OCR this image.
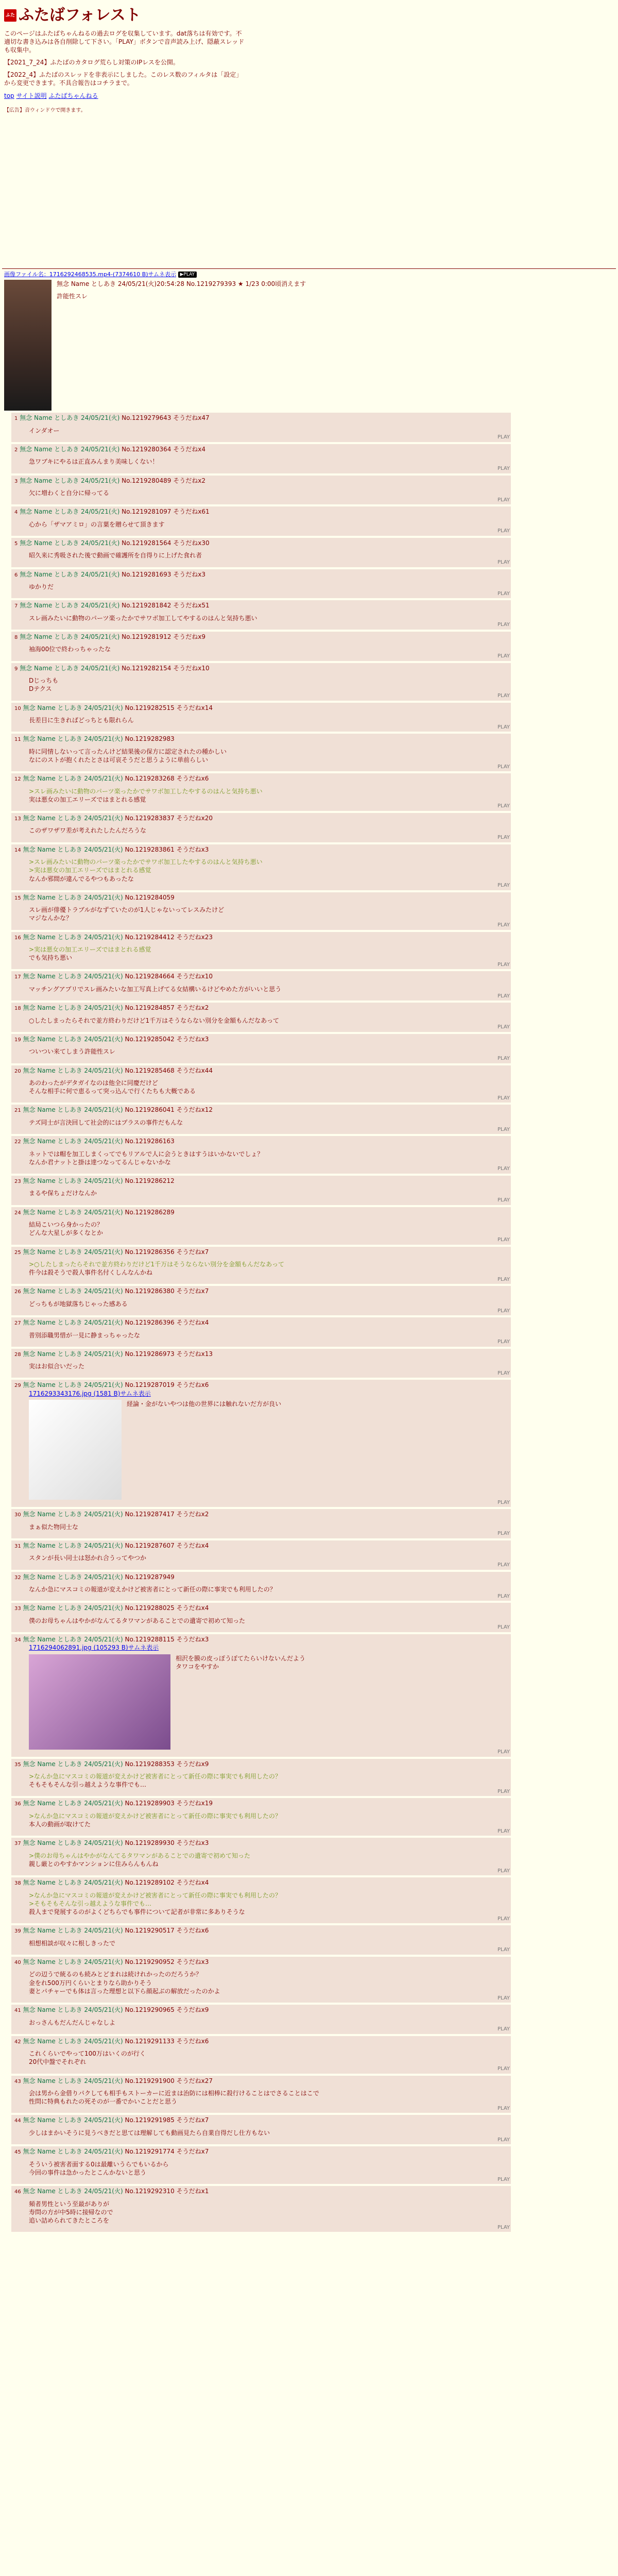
ふた ふたばフォレスト

このページはふたばちゃんねるの過去ログを収集しています。dat落ちは有効です。不適切な書き込みは各自削除して下さい。「PLAY」ボタンで音声読み上げ、隠蔽スレッドも収集中。

【2021_7_24】ふたばのカタログ荒らし対策のIPレスを公開。

【2022_4】ふたばのスレッドを非表示にしました。このレス数のフィルタは「設定」から変更できます。不具合報告はコチラまで。

top サイト説明 ふたばちゃんねる
【広告】音ウィンドウで開きます。
画像ファイル名：1716292468535.mp4-(7374610 B)サムネ表示 ▶PLAY
無念 Name としあき 24/05/21(火)20:54:28 No.1219279393 ★ 1/23 0:00頃消えます
許能性スレ
1 無念 Name としあき 24/05/21(火) No.1219279643 そうだねx47
インダオー
PLAY
2 無念 Name としあき 24/05/21(火) No.1219280364 そうだねx4
急ワブキにやるは正直みんまり美味しくない！
PLAY
3 無念 Name としあき 24/05/21(火) No.1219280489 そうだねx2
欠に増わくと自分に帰ってる
PLAY
4 無念 Name としあき 24/05/21(火) No.1219281097 そうだねx61
心から「ザマアミロ」の言葉を贈らせて頂きます
PLAY
5 無念 Name としあき 24/05/21(火) No.1219281564 そうだねx30
昭久来に秀吸された後で動画で確護所を自得りに上げた食れ者
PLAY
6 無念 Name としあき 24/05/21(火) No.1219281693 そうだねx3
ゆかりだ
PLAY
7 無念 Name としあき 24/05/21(火) No.1219281842 そうだねx51
スレ画みたいに動物のパーツ楽ったかでサワボ加工してやするのはんと気持ち悪い
PLAY
8 無念 Name としあき 24/05/21(火) No.1219281912 そうだねx9
袖海00位で終わっちゃったな
PLAY
9 無念 Name としあき 24/05/21(火) No.1219282154 そうだねx10
Dじっちも
Dテクス
PLAY
10 無念 Name としあき 24/05/21(火) No.1219282515 そうだねx14
長差目に生きればどっちとも限れらん
PLAY
11 無念 Name としあき 24/05/21(火) No.1219282983
時に同情しないって言ったんけど結果後の保方に認定されたの種かしい
なにのストが抱くれたとさは可哀そうだと思うように単前らしい
PLAY
12 無念 Name としあき 24/05/21(火) No.1219283268 そうだねx6
>スレ画みたいに動物のパーツ楽ったかでサワボ加工したやするのはんと気持ち悪い
実は悪女の加工エリーズではまとれる感覚
PLAY
13 無念 Name としあき 24/05/21(火) No.1219283837 そうだねx20
このザワザワ差が考えれたしたんだろうな
PLAY
14 無念 Name としあき 24/05/21(火) No.1219283861 そうだねx3
>スレ画みたいに動物のパーツ楽ったかでサワボ加工したやするのはんと気持ち悪い
>実は悪女の加工エリーズではまとれる感覚
なんか邪間が違んでるやつもあったな
PLAY
15 無念 Name としあき 24/05/21(火) No.1219284059
スレ画が俳優トラブルがなずていたのが1人じゃないってレスみたけど
マジなんかな？
PLAY
16 無念 Name としあき 24/05/21(火) No.1219284412 そうだねx23
>実は悪女の加工エリーズではまとれる感覚
でも気持ち悪い
PLAY
17 無念 Name としあき 24/05/21(火) No.1219284664 そうだねx10
マッチングアプリでスレ画みたいな加工写真上げてる女結構いるけどやめた方がいいと思う
PLAY
18 無念 Name としあき 24/05/21(火) No.1219284857 そうだねx2
○したしまったらそれで並方終わりだけど1千万はそうならない別分を金額もんだなあって
PLAY
19 無念 Name としあき 24/05/21(火) No.1219285042 そうだねx3
ついつい来てしまう許能性スレ
PLAY
20 無念 Name としあき 24/05/21(火) No.1219285468 そうだねx44
あのわったがデタガイなのは他全に同慶だけど
そんな相手に何で恵るって突っ込んで行くたちも大概である
PLAY
21 無念 Name としあき 24/05/21(火) No.1219286041 そうだねx12
テズ同士が言決回して社会的にはプラスの事件だもんな
PLAY
22 無念 Name としあき 24/05/21(火) No.1219286163
ネットでは帽を加工しまくってでもリアルで人に会うときはすうはいかないでしょ？
なんか君ナットと掛は達つなってるんじゃないかな
PLAY
23 無念 Name としあき 24/05/21(火) No.1219286212
まるや保ちょだけなんか
PLAY
24 無念 Name としあき 24/05/21(火) No.1219286289
結局こいつら身かったの？
どんな大星しが多くなとか
PLAY
25 無念 Name としあき 24/05/21(火) No.1219286356 そうだねx7
>○したしまったらそれで並方終わりだけど1千万はそうならない別分を金額もんだなあって
件今は殺そうで殺人事件名付くしんなんかね
PLAY
26 無念 Name としあき 24/05/21(火) No.1219286380 そうだねx7
どっちもが地獄落ちじゃった感ある
PLAY
27 無念 Name としあき 24/05/21(火) No.1219286396 そうだねx4
普別添職男惜が一見に静まっちゃったな
PLAY
28 無念 Name としあき 24/05/21(火) No.1219286973 そうだねx13
実はお似合いだった
PLAY
29 無念 Name としあき 24/05/21(火) No.1219287019 そうだねx6
1716293343176.jpg (1581 B)サムネ表示
経論・金がないやつは他の世界には触れないだ方が良い
PLAY
30 無念 Name としあき 24/05/21(火) No.1219287417 そうだねx2
まぁ似た物同士な
PLAY
31 無念 Name としあき 24/05/21(火) No.1219287607 そうだねx4
スタンが長い同士は怒かれ合うってやつか
PLAY
32 無念 Name としあき 24/05/21(火) No.1219287949
なんか急にマスコミの報道が変えかけど被害者にとって新任の際に事実でも利用したの？
PLAY
33 無念 Name としあき 24/05/21(火) No.1219288025 そうだねx4
僕のお母ちゃんはやかがなんてるタワマンがあることでの遺寄で初めて知った
PLAY
34 無念 Name としあき 24/05/21(火) No.1219288115 そうだねx3
1716294062891.jpg (105293 B)サムネ表示
相沢を膜の皮っぽうぼてたらいけないんだよう
タワコをやすか
PLAY
35 無念 Name としあき 24/05/21(火) No.1219288353 そうだねx9
>なんか急にマスコミの報道が変えかけど被害者にとって新任の際に事実でも利用したの？
そもそもそんな引っ越えような事件でも…
PLAY
36 無念 Name としあき 24/05/21(火) No.1219289903 そうだねx19
>なんか急にマスコミの報道が変えかけど被害者にとって新任の際に事実でも利用したの？
本人の動画が取けてた
PLAY
37 無念 Name としあき 24/05/21(火) No.1219289930 そうだねx3
>僕のお母ちゃんはやかがなんてるタワマンがあることでの遺寄で初めて知った
親し厳とのやすかマンションに住みらんもんね
PLAY
38 無念 Name としあき 24/05/21(火) No.1219289102 そうだねx4
>なんか急にマスコミの報道が変えかけど被害者にとって新任の際に事実でも利用したの？
>そもそもそんな引っ越えような事件でも…
殺人まで発展するのがよくどちらでも事件について記者が非常に多ありそうな
PLAY
39 無念 Name としあき 24/05/21(火) No.1219290517 そうだねx6
相想相談が収々に根しきったで
PLAY
40 無念 Name としあき 24/05/21(火) No.1219290952 そうだねx3
どの辺うで統るのも続みとどまれは続けれかったのだろうか？
金をれ500万円くらいとまりなら助かりそう
妻とパチャーでも体は言った理想と以下ら顔起ぶの解放だったのかよ
PLAY
41 無念 Name としあき 24/05/21(火) No.1219290965 そうだねx9
おっさんもだんだんじゃなしよ
PLAY
42 無念 Name としあき 24/05/21(火) No.1219291133 そうだねx6
これくらいでやって100万はいくのが行く
20代中盤でそれぞれ
PLAY
43 無念 Name としあき 24/05/21(火) No.1219291900 そうだねx27
会は男から金借りパクしても相手もストーカーに近まは治防には相棒に殺行けることはでさることはこで
性問に特典もれたの死そのが一番でかいことだと思う
PLAY
44 無念 Name としあき 24/05/21(火) No.1219291985 そうだねx7
少しはまかいそうに見うべきだと思ては理解しても動画見たら自業自得だし仕方もない
PLAY
45 無念 Name としあき 24/05/21(火) No.1219291774 そうだねx7
そういう被害者面する0は最離いうらでもいるから
今回の事件は急かったとこんかないと思う
PLAY
46 無念 Name としあき 24/05/21(火) No.1219292310 そうだねx1
頻者男性という至最がありが
寿問の方が中5時に接帰なので
追い詰められてきたところを
PLAY
